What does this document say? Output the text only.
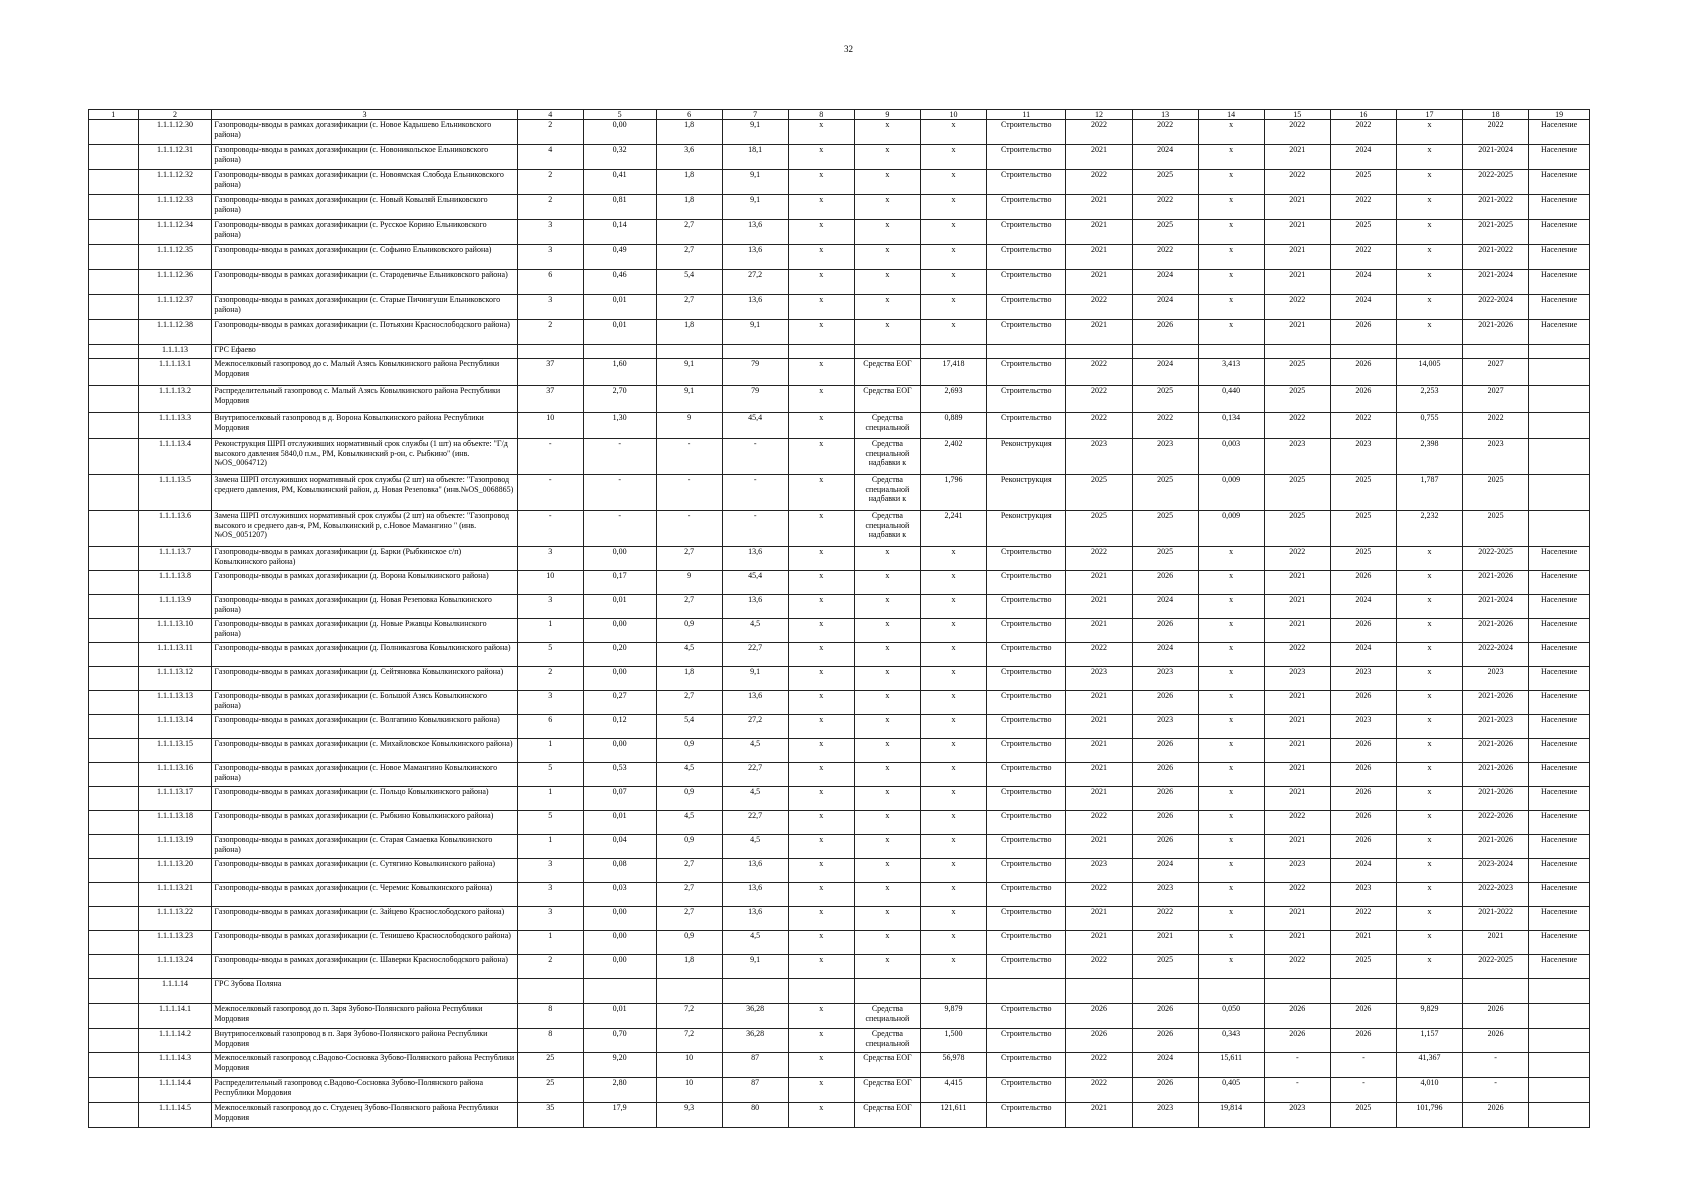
32
1	2	3	4	5	6	7	8	9	10	11	12	13	14	15	16	17	18	19
	1.1.1.12.30	Газопроводы-вводы в рамках догазификации (с. Новое Кадышево Ельниковского района)	2	0,00	1,8	9,1	x	x	x	Строительство	2022	2022	x	2022	2022	x	2022	Население
	1.1.1.12.31	Газопроводы-вводы в рамках догазификации (с. Новоникольское Ельниковского района)	4	0,32	3,6	18,1	x	x	x	Строительство	2021	2024	x	2021	2024	x	2021-2024	Население
	1.1.1.12.32	Газопроводы-вводы в рамках догазификации (с. Новоямская Слобода Ельниковского района)	2	0,41	1,8	9,1	x	x	x	Строительство	2022	2025	x	2022	2025	x	2022-2025	Население
	1.1.1.12.33	Газопроводы-вводы в рамках догазификации (с. Новый Ковыляй Ельниковского района)	2	0,81	1,8	9,1	x	x	x	Строительство	2021	2022	x	2021	2022	x	2021-2022	Население
	1.1.1.12.34	Газопроводы-вводы в рамках догазификации (с. Русское Корино Ельниковского района)	3	0,14	2,7	13,6	x	x	x	Строительство	2021	2025	x	2021	2025	x	2021-2025	Население
	1.1.1.12.35	Газопроводы-вводы в рамках догазификации (с. Софьино Ельниковского района)	3	0,49	2,7	13,6	x	x	x	Строительство	2021	2022	x	2021	2022	x	2021-2022	Население
	1.1.1.12.36	Газопроводы-вводы в рамках догазификации (с. Стародевичье Ельниковского района)	6	0,46	5,4	27,2	x	x	x	Строительство	2021	2024	x	2021	2024	x	2021-2024	Население
	1.1.1.12.37	Газопроводы-вводы в рамках догазификации (с. Старые Пичингуши Ельниковского района)	3	0,01	2,7	13,6	x	x	x	Строительство	2022	2024	x	2022	2024	x	2022-2024	Население
	1.1.1.12.38	Газопроводы-вводы в рамках догазификации (с. Потьяхин Краснослободского района)	2	0,01	1,8	9,1	x	x	x	Строительство	2021	2026	x	2021	2026	x	2021-2026	Население
	1.1.1.13	ГРС Ефаево																
	1.1.1.13.1	Межпоселковый газопровод до с. Малый Азясь Ковылкинского района Республики Мордовия	37	1,60	9,1	79	x	Средства ЕОГ	17,418	Строительство	2022	2024	3,413	2025	2026	14,005	2027	
	1.1.1.13.2	Распределительный газопровод с. Малый Азясь Ковылкинского района Республики Мордовия	37	2,70	9,1	79	x	Средства ЕОГ	2,693	Строительство	2022	2025	0,440	2025	2026	2,253	2027	
	1.1.1.13.3	Внутрипоселковый газопровод в д. Ворона Ковылкинского района Республики Мордовия	10	1,30	9	45,4	x	Средства специальной	0,889	Строительство	2022	2022	0,134	2022	2022	0,755	2022	
	1.1.1.13.4	Реконструкция ШРП отслуживших нормативный срок службы (1 шт) на объекте: "Г/д высокого давления 5840,0 п.м., РМ, Ковылкинский р-он, с. Рыбкино" (инв.№OS_0064712)	-	-	-	-	x	Средства специальной надбавки к	2,402	Реконструкция	2023	2023	0,003	2023	2023	2,398	2023	
	1.1.1.13.5	Замена ШРП отслуживших нормативный срок службы (2 шт) на объекте: "Газопровод среднего давления, РМ, Ковылкинский район, д. Новая Резеповка" (инв.№OS_0068865)	-	-	-	-	x	Средства специальной надбавки к	1,796	Реконструкция	2025	2025	0,009	2025	2025	1,787	2025	
	1.1.1.13.6	Замена ШРП отслуживших нормативный срок службы (2 шт) на объекте: "Газопровод высокого и среднего дав-я, РМ, Ковылкинский р, с.Новое Мамангино " (инв.№OS_0051207)	-	-	-	-	x	Средства специальной надбавки к	2,241	Реконструкция	2025	2025	0,009	2025	2025	2,232	2025	
	1.1.1.13.7	Газопроводы-вводы в рамках догазификации (д. Барки (Рыбкинское с/п) Ковылкинского района)	3	0,00	2,7	13,6	x	x	x	Строительство	2022	2025	x	2022	2025	x	2022-2025	Население
	1.1.1.13.8	Газопроводы-вводы в рамках догазификации (д. Ворона Ковылкинского района)	10	0,17	9	45,4	x	x	x	Строительство	2021	2026	x	2021	2026	x	2021-2026	Население
	1.1.1.13.9	Газопроводы-вводы в рамках догазификации (д. Новая Резеповка Ковылкинского района)	3	0,01	2,7	13,6	x	x	x	Строительство	2021	2024	x	2021	2024	x	2021-2024	Население
	1.1.1.13.10	Газопроводы-вводы в рамках догазификации (д. Новые Ржавцы Ковылкинского района)	1	0,00	0,9	4,5	x	x	x	Строительство	2021	2026	x	2021	2026	x	2021-2026	Население
	1.1.1.13.11	Газопроводы-вводы в рамках догазификации (д. Полниказгова Ковылкинского района)	5	0,20	4,5	22,7	x	x	x	Строительство	2022	2024	x	2022	2024	x	2022-2024	Население
	1.1.1.13.12	Газопроводы-вводы в рамках догазификации (д. Сейтяновка Ковылкинского района)	2	0,00	1,8	9,1	x	x	x	Строительство	2023	2023	x	2023	2023	x	2023	Население
	1.1.1.13.13	Газопроводы-вводы в рамках догазификации (с. Большой Азясь Ковылкинского района)	3	0,27	2,7	13,6	x	x	x	Строительство	2021	2026	x	2021	2026	x	2021-2026	Население
	1.1.1.13.14	Газопроводы-вводы в рамках догазификации (с. Волгапино Ковылкинского района)	6	0,12	5,4	27,2	x	x	x	Строительство	2021	2023	x	2021	2023	x	2021-2023	Население
	1.1.1.13.15	Газопроводы-вводы в рамках догазификации (с. Михайловское Ковылкинского района)	1	0,00	0,9	4,5	x	x	x	Строительство	2021	2026	x	2021	2026	x	2021-2026	Население
	1.1.1.13.16	Газопроводы-вводы в рамках догазификации (с. Новое Мамангино Ковылкинского района)	5	0,53	4,5	22,7	x	x	x	Строительство	2021	2026	x	2021	2026	x	2021-2026	Население
	1.1.1.13.17	Газопроводы-вводы в рамках догазификации (с. Польцо Ковылкинского района)	1	0,07	0,9	4,5	x	x	x	Строительство	2021	2026	x	2021	2026	x	2021-2026	Население
	1.1.1.13.18	Газопроводы-вводы в рамках догазификации (с. Рыбкино Ковылкинского района)	5	0,01	4,5	22,7	x	x	x	Строительство	2022	2026	x	2022	2026	x	2022-2026	Население
	1.1.1.13.19	Газопроводы-вводы в рамках догазификации (с. Старая Самаевка Ковылкинского района)	1	0,04	0,9	4,5	x	x	x	Строительство	2021	2026	x	2021	2026	x	2021-2026	Население
	1.1.1.13.20	Газопроводы-вводы в рамках догазификации (с. Сутягино Ковылкинского района)	3	0,08	2,7	13,6	x	x	x	Строительство	2023	2024	x	2023	2024	x	2023-2024	Население
	1.1.1.13.21	Газопроводы-вводы в рамках догазификации (с. Черемис Ковылкинского района)	3	0,03	2,7	13,6	x	x	x	Строительство	2022	2023	x	2022	2023	x	2022-2023	Население
	1.1.1.13.22	Газопроводы-вводы в рамках догазификации (с. Зайцево Краснослободского района)	3	0,00	2,7	13,6	x	x	x	Строительство	2021	2022	x	2021	2022	x	2021-2022	Население
	1.1.1.13.23	Газопроводы-вводы в рамках догазификации (с. Тенишево Краснослободского района)	1	0,00	0,9	4,5	x	x	x	Строительство	2021	2021	x	2021	2021	x	2021	Население
	1.1.1.13.24	Газопроводы-вводы в рамках догазификации (с. Шаверки Краснослободского района)	2	0,00	1,8	9,1	x	x	x	Строительство	2022	2025	x	2022	2025	x	2022-2025	Население
	1.1.1.14	ГРС Зубова Поляна																
	1.1.1.14.1	Межпоселковый газопровод до п. Заря Зубово-Полянского района Республики Мордовия	8	0,01	7,2	36,28	x	Средства специальной	9,879	Строительство	2026	2026	0,050	2026	2026	9,829	2026	
	1.1.1.14.2	Внутрипоселковый газопровод в п. Заря Зубово-Полянского района Республики Мордовия	8	0,70	7,2	36,28	x	Средства специальной	1,500	Строительство	2026	2026	0,343	2026	2026	1,157	2026	
	1.1.1.14.3	Межпоселковый газопровод с.Вадово-Сосновка Зубово-Полянского района Республики Мордовия	25	9,20	10	87	x	Средства ЕОГ	56,978	Строительство	2022	2024	15,611	-	-	41,367	-	
	1.1.1.14.4	Распределительный газопровод с.Вадово-Сосновка Зубово-Полянского района Республики Мордовия	25	2,80	10	87	x	Средства ЕОГ	4,415	Строительство	2022	2026	0,405	-	-	4,010	-	
	1.1.1.14.5	Межпоселковый газопровод до с. Студенец Зубово-Полянского района Республики Мордовия	35	17,9	9,3	80	x	Средства ЕОГ	121,611	Строительство	2021	2023	19,814	2023	2025	101,796	2026	
